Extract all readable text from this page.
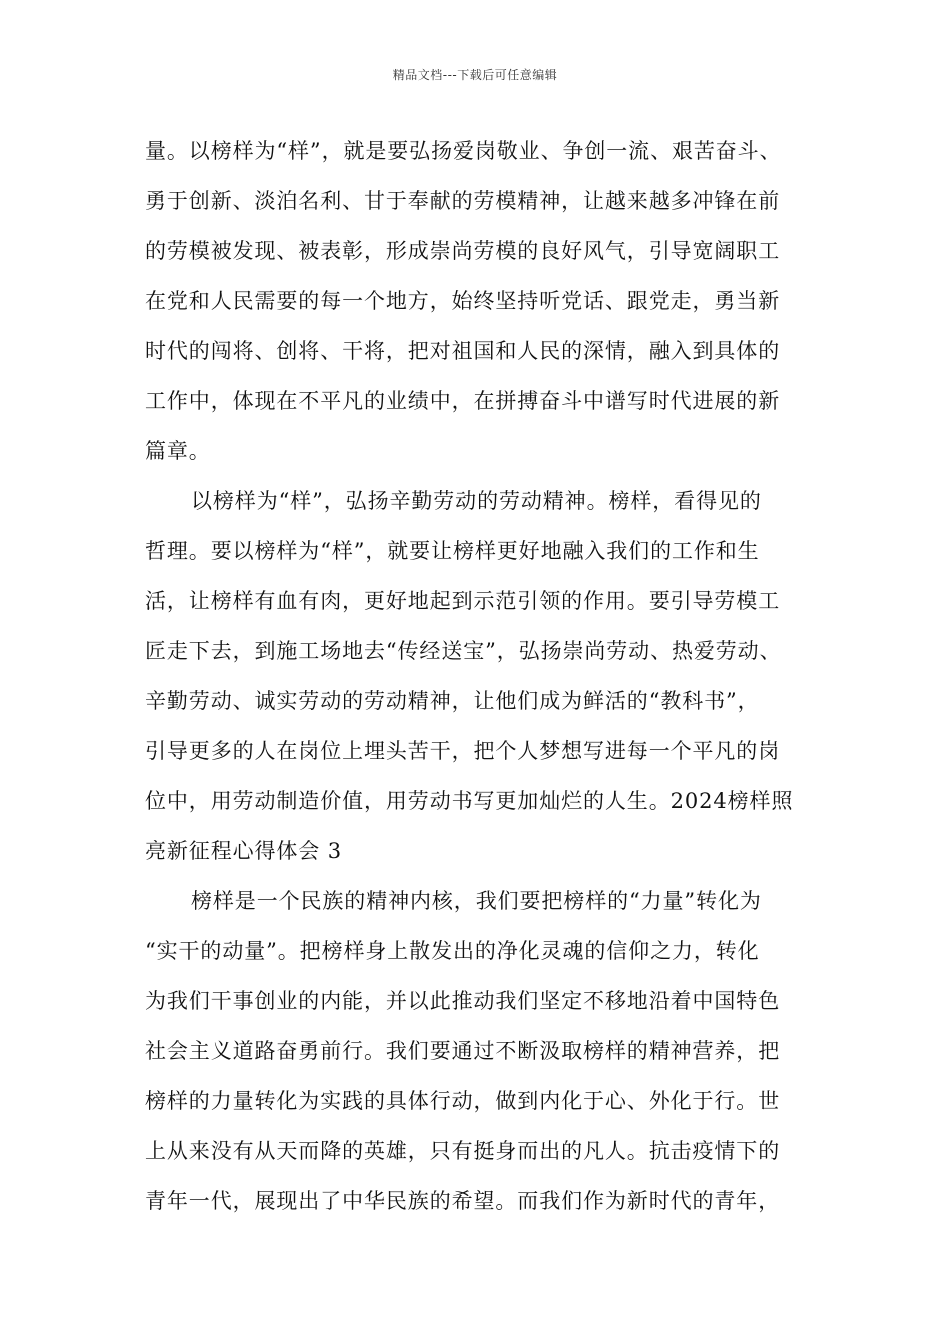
精品文档---下载后可任意编辑
量。以榜样为“样”，就是要弘扬爱岗敬业、争创一流、艰苦奋斗、
勇于创新、淡泊名利、甘于奉献的劳模精神，让越来越多冲锋在前
的劳模被发现、被表彰，形成崇尚劳模的良好风气，引导宽阔职工
在党和人民需要的每一个地方，始终坚持听党话、跟党走，勇当新
时代的闯将、创将、干将，把对祖国和人民的深情，融入到具体的
工作中，体现在不平凡的业绩中，在拼搏奋斗中谱写时代进展的新
篇章。
以榜样为“样”，弘扬辛勤劳动的劳动精神。榜样，看得见的
哲理。要以榜样为“样”，就要让榜样更好地融入我们的工作和生
活，让榜样有血有肉，更好地起到示范引领的作用。要引导劳模工
匠走下去，到施工场地去“传经送宝”，弘扬崇尚劳动、热爱劳动、
辛勤劳动、诚实劳动的劳动精神，让他们成为鲜活的“教科书”，
引导更多的人在岗位上埋头苦干，把个人梦想写进每一个平凡的岗
位中，用劳动制造价值，用劳动书写更加灿烂的人生。2024榜样照
亮新征程心得体会 3
榜样是一个民族的精神内核，我们要把榜样的“力量”转化为
“实干的动量”。把榜样身上散发出的净化灵魂的信仰之力，转化
为我们干事创业的内能，并以此推动我们坚定不移地沿着中国特色
社会主义道路奋勇前行。我们要通过不断汲取榜样的精神营养，把
榜样的力量转化为实践的具体行动，做到内化于心、外化于行。世
上从来没有从天而降的英雄，只有挺身而出的凡人。抗击疫情下的
青年一代，展现出了中华民族的希望。而我们作为新时代的青年，
